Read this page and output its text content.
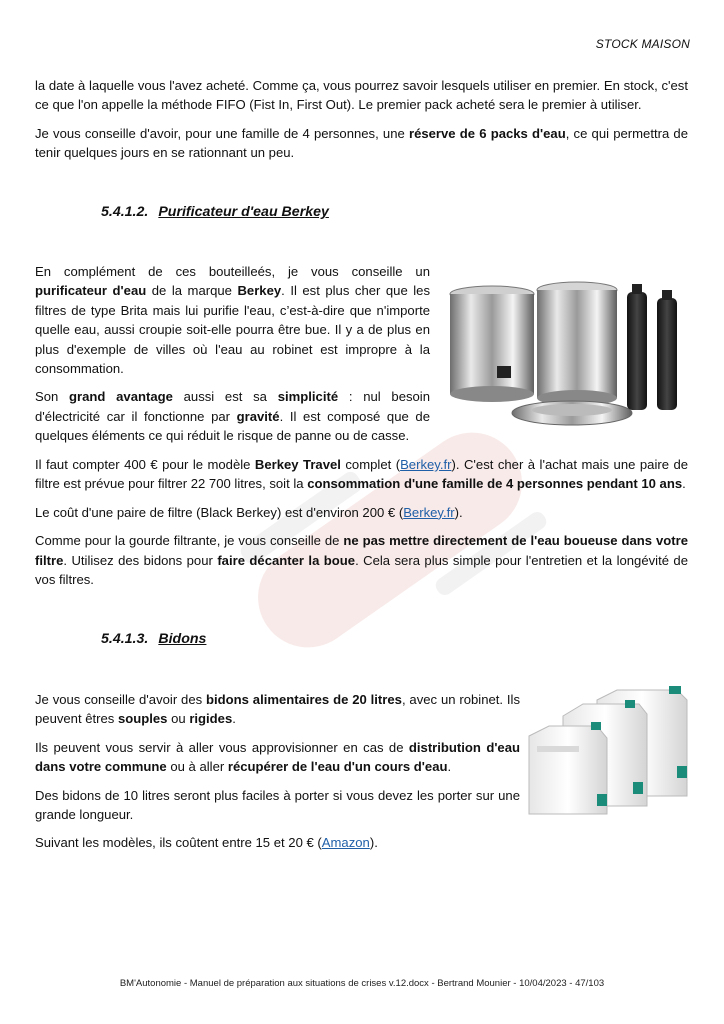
STOCK MAISON

la date à laquelle vous l'avez acheté. Comme ça, vous pourrez savoir lesquels utiliser en premier. En stock, c'est ce que l'on appelle la méthode FIFO (Fist In, First Out). Le premier pack acheté sera le premier à utiliser.

Je vous conseille d'avoir, pour une famille de 4 personnes, une réserve de 6 packs d'eau, ce qui permettra de tenir quelques jours en se rationnant un peu.

5.4.1.2. Purificateur d'eau Berkey

En complément de ces bouteilleés, je vous conseille un purificateur d'eau de la marque Berkey. Il est plus cher que les filtres de type Brita mais lui purifie l'eau, c’est-à-dire que n'importe quelle eau, aussi croupie soit-elle pourra être bue. Il y a de plus en plus d'exemple de villes où l'eau au robinet est impropre à la consommation.

Son grand avantage aussi est sa simplicité : nul besoin d'électricité car il fonctionne par gravité. Il est composé que de quelques éléments ce qui réduit le risque de panne ou de casse.

Il faut compter 400 € pour le modèle Berkey Travel complet (Berkey.fr). C'est cher à l'achat mais une paire de filtre est prévue pour filtrer 22 700 litres, soit la consommation d'une famille de 4 personnes pendant 10 ans.

Le coût d'une paire de filtre (Black Berkey) est d'environ 200 € (Berkey.fr).

Comme pour la gourde filtrante, je vous conseille de ne pas mettre directement de l'eau boueuse dans votre filtre. Utilisez des bidons pour faire décanter la boue. Cela sera plus simple pour l'entretien et la longévité de vos filtres.

5.4.1.3. Bidons

Je vous conseille d'avoir des bidons alimentaires de 20 litres, avec un robinet. Ils peuvent êtres souples ou rigides.

Ils peuvent vous servir à aller vous approvisionner en cas de distribution d'eau dans votre commune ou à aller récupérer de l'eau d'un cours d'eau.

Des bidons de 10 litres seront plus faciles à porter si vous devez les porter sur une grande longueur.

Suivant les modèles, ils coûtent entre 15 et 20 € (Amazon).

BM'Autonomie - Manuel de préparation aux situations de crises v.12.docx - Bertrand Mounier - 10/04/2023 - 47/103
